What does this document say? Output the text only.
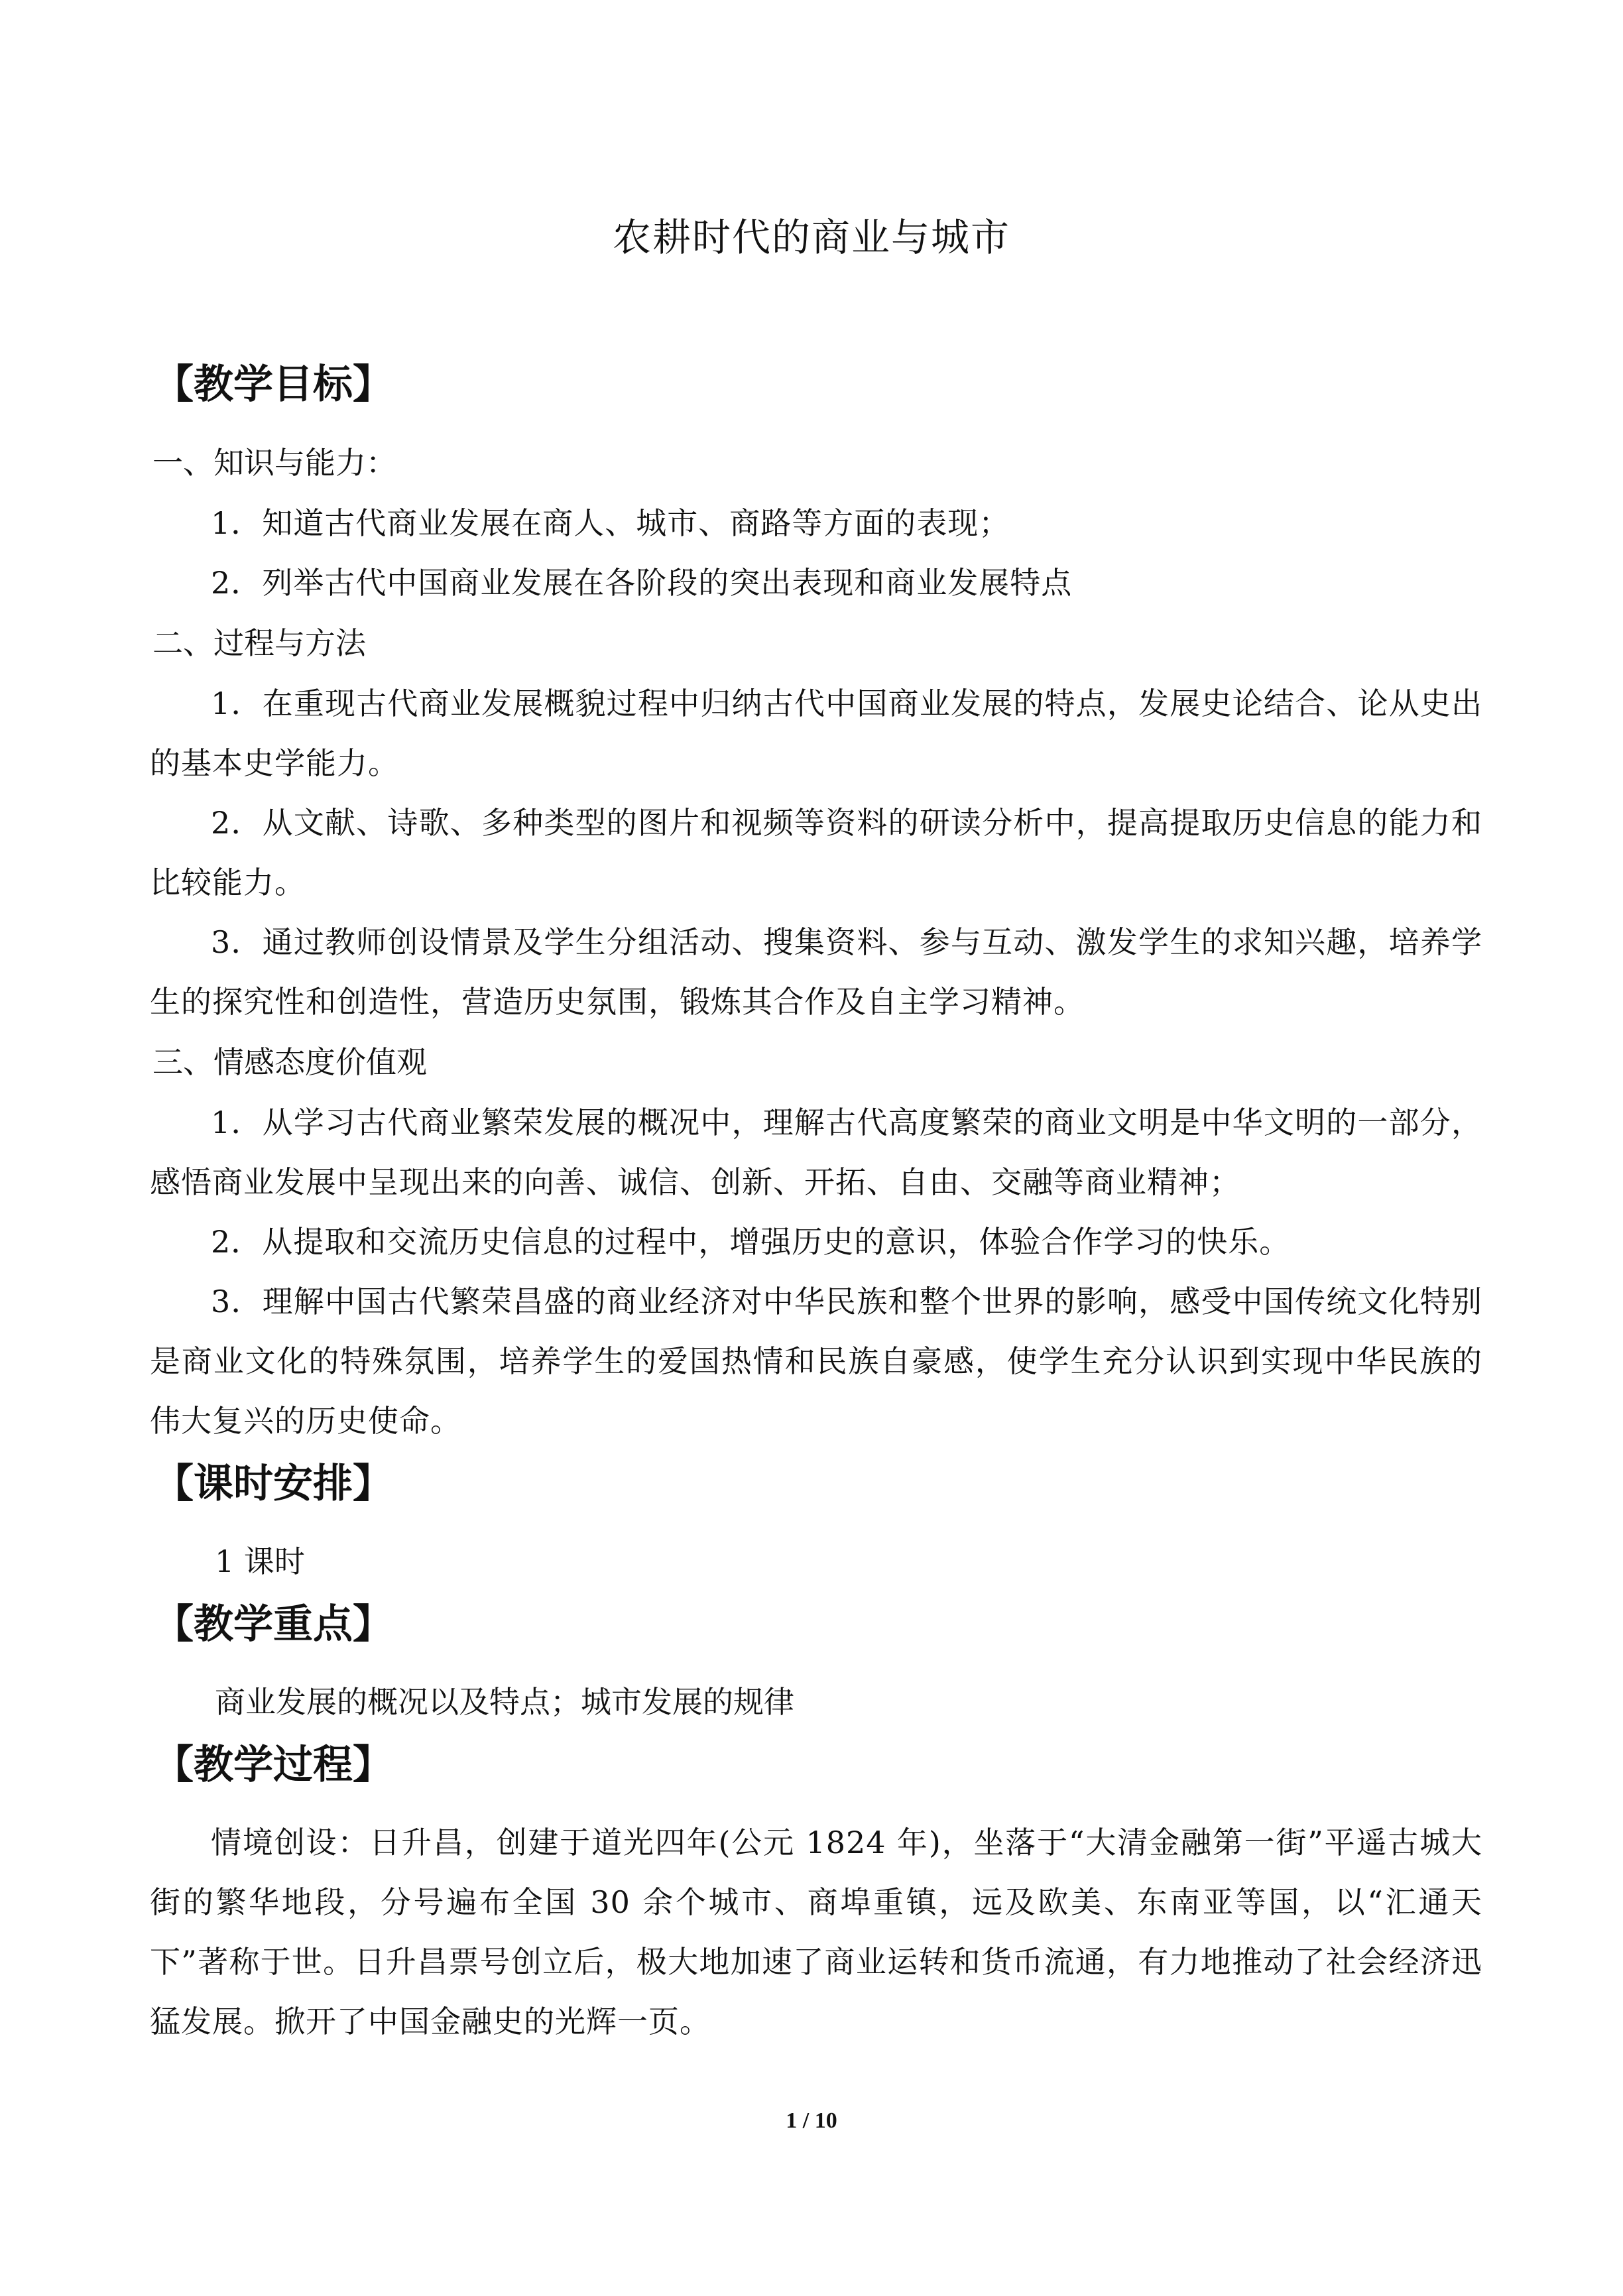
农耕时代的商业与城市
【教学目标】

一、知识与能力：

1．知道古代商业发展在商人、城市、商路等方面的表现；

2．列举古代中国商业发展在各阶段的突出表现和商业发展特点

二、过程与方法

1．在重现古代商业发展概貌过程中归纳古代中国商业发展的特点，发展史论结合、论从史出的基本史学能力。

2．从文献、诗歌、多种类型的图片和视频等资料的研读分析中，提高提取历史信息的能力和比较能力。

3．通过教师创设情景及学生分组活动、搜集资料、参与互动、激发学生的求知兴趣，培养学生的探究性和创造性，营造历史氛围，锻炼其合作及自主学习精神。

三、情感态度价值观

1．从学习古代商业繁荣发展的概况中，理解古代高度繁荣的商业文明是中华文明的一部分，感悟商业发展中呈现出来的向善、诚信、创新、开拓、自由、交融等商业精神；

2．从提取和交流历史信息的过程中，增强历史的意识，体验合作学习的快乐。

3．理解中国古代繁荣昌盛的商业经济对中华民族和整个世界的影响，感受中国传统文化特别是商业文化的特殊氛围，培养学生的爱国热情和民族自豪感，使学生充分认识到实现中华民族的伟大复兴的历史使命。

【课时安排】

1 课时

【教学重点】

商业发展的概况以及特点；城市发展的规律

【教学过程】

情境创设：日升昌，创建于道光四年(公元 1824 年)，坐落于“大清金融第一街”平遥古城大街的繁华地段，分号遍布全国 30 余个城市、商埠重镇，远及欧美、东南亚等国，以“汇通天下”著称于世。日升昌票号创立后，极大地加速了商业运转和货币流通，有力地推动了社会经济迅猛发展。掀开了中国金融史的光辉一页。

1 / 10
